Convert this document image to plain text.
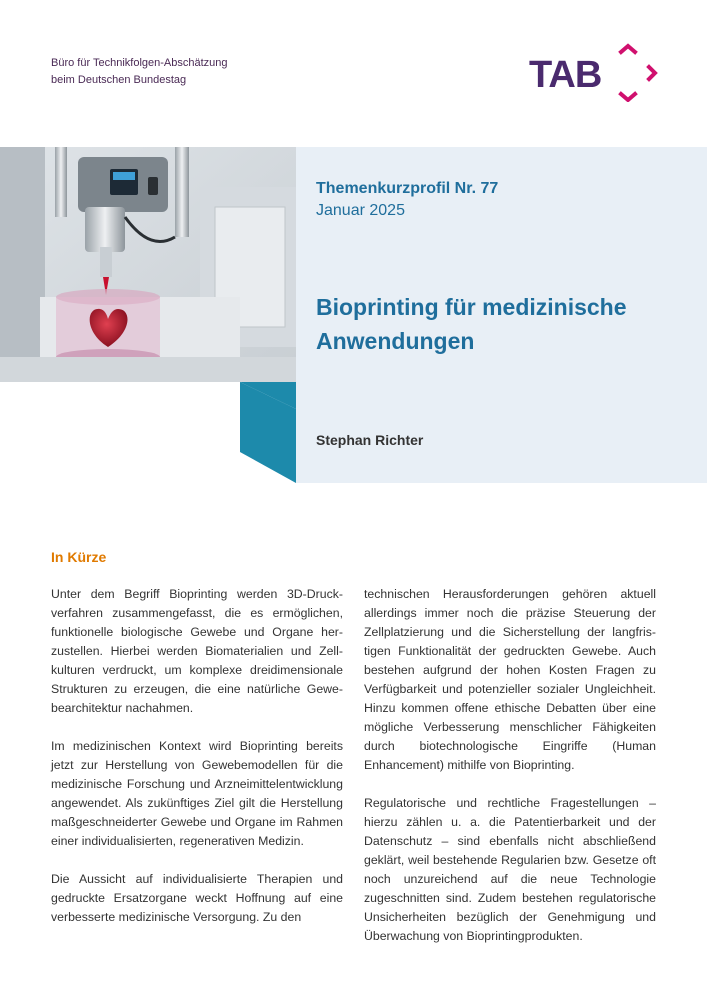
Büro für Technikfolgen-Abschätzung
beim Deutschen Bundestag	TAB
Themenkurzprofil Nr. 77
Januar 2025
Bioprinting für medizinische Anwendungen
Stephan Richter
In Kürze

Unter dem Begriff Bioprinting werden 3D-Druckverfahren zusammengefasst, die es ermöglichen, funktionelle biologische Gewebe und Organe herzustellen. Hierbei werden Biomaterialien und Zellkulturen verdruckt, um komplexe dreidimensionale Strukturen zu erzeugen, die eine natürliche Gewebearchitektur nachahmen.

Im medizinischen Kontext wird Bioprinting bereits jetzt zur Herstellung von Gewebemodellen für die medizinische Forschung und Arzneimittelentwicklung angewendet. Als zukünftiges Ziel gilt die Herstellung maßgeschneiderter Gewebe und Organe im Rahmen einer individualisierten, regenerativen Medizin.

Die Aussicht auf individualisierte Therapien und gedruckte Ersatzorgane weckt Hoffnung auf eine verbesserte medizinische Versorgung. Zu den

technischen Herausforderungen gehören aktuell allerdings immer noch die präzise Steuerung der Zellplatzierung und die Sicherstellung der langfristigen Funktionalität der gedruckten Gewebe. Auch bestehen aufgrund der hohen Kosten Fragen zu Verfügbarkeit und potenzieller sozialer Ungleichheit. Hinzu kommen offene ethische Debatten über eine mögliche Verbesserung menschlicher Fähigkeiten durch biotechnologische Eingriffe (Human Enhancement) mithilfe von Bioprinting.

Regulatorische und rechtliche Fragestellungen – hierzu zählen u. a. die Patentierbarkeit und der Datenschutz – sind ebenfalls nicht abschließend geklärt, weil bestehende Regularien bzw. Gesetze oft noch unzureichend auf die neue Technologie zugeschnitten sind. Zudem bestehen regulatorische Unsicherheiten bezüglich der Genehmigung und Überwachung von Bioprintingprodukten.
